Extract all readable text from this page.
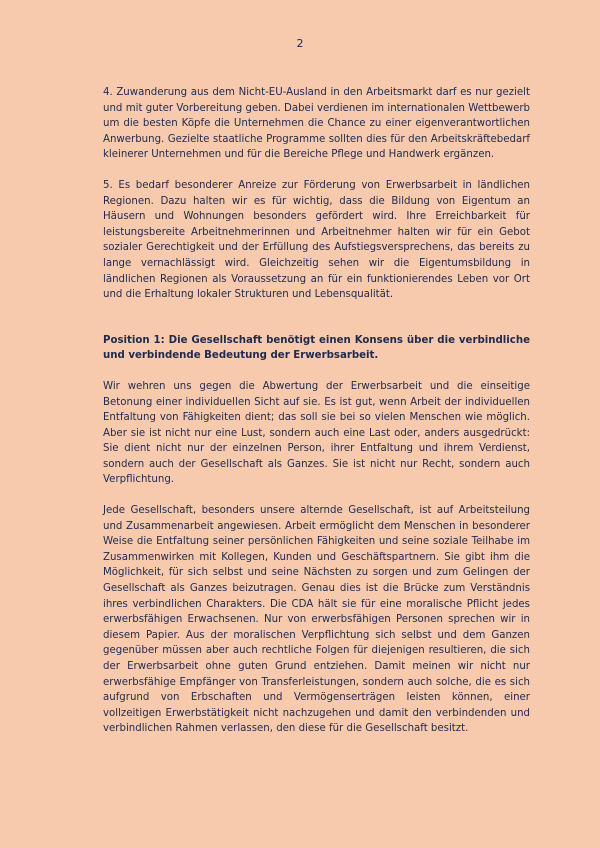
2

4. Zuwanderung aus dem Nicht-EU-Ausland in den Arbeitsmarkt darf es nur gezielt und mit guter Vorbereitung geben. Dabei verdienen im internationalen Wettbewerb um die besten Köpfe die Unternehmen die Chance zu einer eigenverantwortlichen Anwerbung. Gezielte staatliche Programme sollten dies für den Arbeitskräftebedarf kleinerer Unternehmen und für die Bereiche Pflege und Handwerk ergänzen.

5. Es bedarf besonderer Anreize zur Förderung von Erwerbsarbeit in ländlichen Regionen. Dazu halten wir es für wichtig, dass die Bildung von Eigentum an Häusern und Wohnungen besonders gefördert wird. Ihre Erreichbarkeit für leistungsbereite Arbeitnehmerinnen und Arbeitnehmer halten wir für ein Gebot sozialer Gerechtigkeit und der Erfüllung des Aufstiegsversprechens, das bereits zu lange vernachlässigt wird. Gleichzeitig sehen wir die Eigentumsbildung in ländlichen Regionen als Voraussetzung an für ein funktionierendes Leben vor Ort und die Erhaltung lokaler Strukturen und Lebensqualität.

Position 1: Die Gesellschaft benötigt einen Konsens über die verbindliche und verbindende Bedeutung der Erwerbsarbeit.

Wir wehren uns gegen die Abwertung der Erwerbsarbeit und die einseitige Betonung einer individuellen Sicht auf sie. Es ist gut, wenn Arbeit der individuellen Entfaltung von Fähigkeiten dient; das soll sie bei so vielen Menschen wie möglich. Aber sie ist nicht nur eine Lust, sondern auch eine Last oder, anders ausgedrückt: Sie dient nicht nur der einzelnen Person, ihrer Entfaltung und ihrem Verdienst, sondern auch der Gesellschaft als Ganzes. Sie ist nicht nur Recht, sondern auch Verpflichtung.

Jede Gesellschaft, besonders unsere alternde Gesellschaft, ist auf Arbeitsteilung und Zusammenarbeit angewiesen. Arbeit ermöglicht dem Menschen in besonderer Weise die Entfaltung seiner persönlichen Fähigkeiten und seine soziale Teilhabe im Zusammenwirken mit Kollegen, Kunden und Geschäftspartnern. Sie gibt ihm die Möglichkeit, für sich selbst und seine Nächsten zu sorgen und zum Gelingen der Gesellschaft als Ganzes beizutragen. Genau dies ist die Brücke zum Verständnis ihres verbindlichen Charakters. Die CDA hält sie für eine moralische Pflicht jedes erwerbsfähigen Erwachsenen. Nur von erwerbsfähigen Personen sprechen wir in diesem Papier. Aus der moralischen Verpflichtung sich selbst und dem Ganzen gegenüber müssen aber auch rechtliche Folgen für diejenigen resultieren, die sich der Erwerbsarbeit ohne guten Grund entziehen. Damit meinen wir nicht nur erwerbsfähige Empfänger von Transferleistungen, sondern auch solche, die es sich aufgrund von Erbschaften und Vermögenserträgen leisten können, einer vollzeitigen Erwerbstätigkeit nicht nachzugehen und damit den verbindenden und verbindlichen Rahmen verlassen, den diese für die Gesellschaft besitzt.
